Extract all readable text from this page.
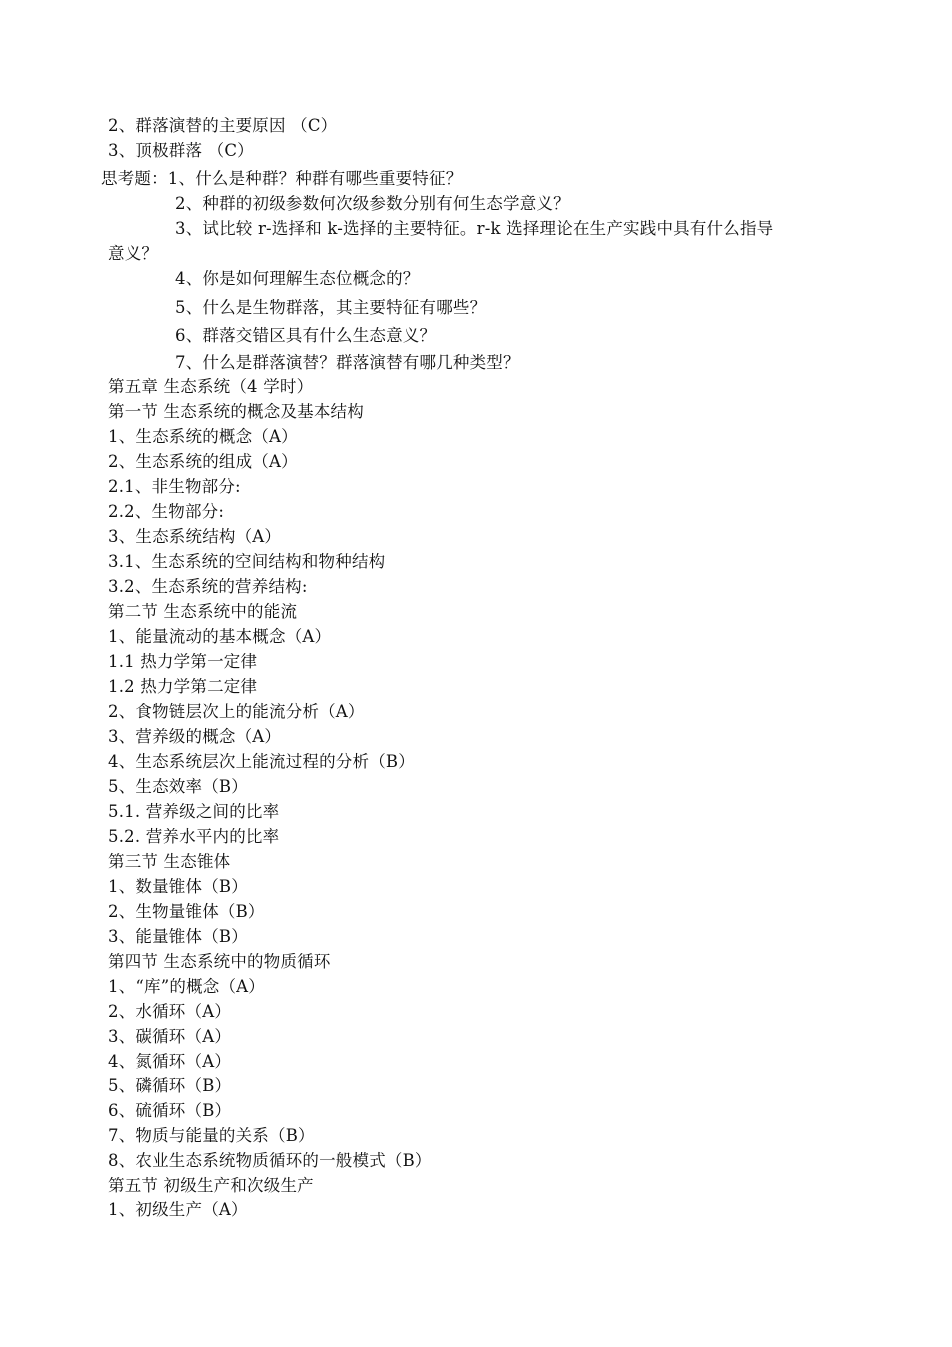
2、群落演替的主要原因 （C）
3、顶极群落 （C）
思考题：1、什么是种群？种群有哪些重要特征？
2、种群的初级参数何次级参数分别有何生态学意义？
3、试比较 r-选择和 k-选择的主要特征。r-k 选择理论在生产实践中具有什么指导
意义？
4、你是如何理解生态位概念的？
5、什么是生物群落，其主要特征有哪些？
6、群落交错区具有什么生态意义？
7、什么是群落演替？群落演替有哪几种类型？
第五章 生态系统（4 学时）
第一节 生态系统的概念及基本结构
1、生态系统的概念（A）
2、生态系统的组成（A）
2.1、非生物部分:
2.2、生物部分:
3、生态系统结构（A）
3.1、生态系统的空间结构和物种结构
3.2、生态系统的营养结构:
第二节 生态系统中的能流
1、能量流动的基本概念（A）
1.1 热力学第一定律
1.2 热力学第二定律
2、食物链层次上的能流分析（A）
3、营养级的概念（A）
4、生态系统层次上能流过程的分析（B）
5、生态效率（B）
5.1. 营养级之间的比率
5.2. 营养水平内的比率
第三节 生态锥体
1、数量锥体（B）
2、生物量锥体（B）
3、能量锥体（B）
第四节 生态系统中的物质循环
1、“库”的概念（A）
2、水循环（A）
3、碳循环（A）
4、氮循环（A）
5、磷循环（B）
6、硫循环（B）
7、物质与能量的关系（B）
8、农业生态系统物质循环的一般模式（B）
第五节 初级生产和次级生产
1、初级生产（A）
